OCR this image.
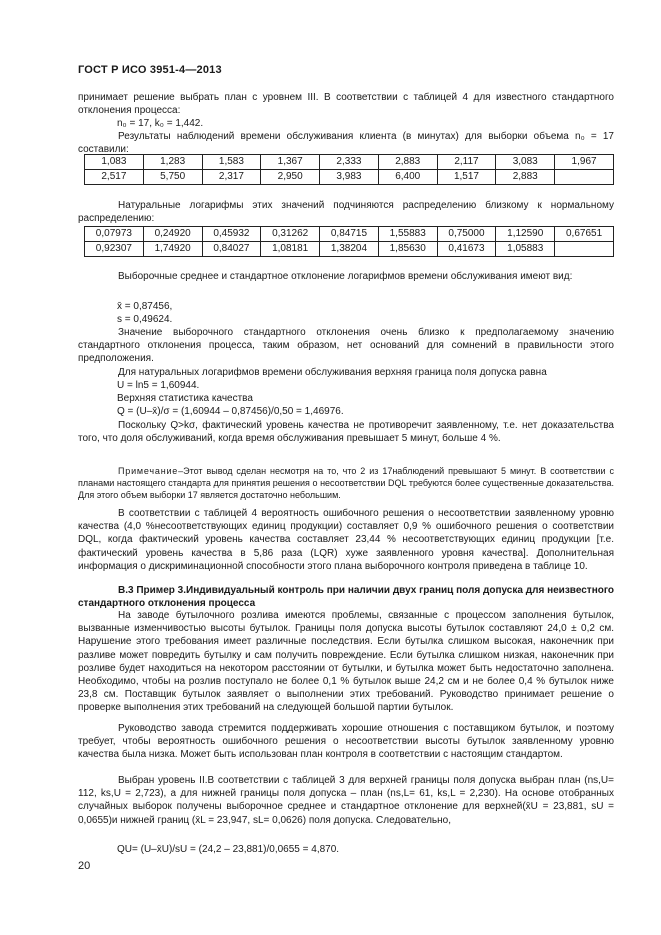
ГОСТ Р ИСО 3951-4—2013

принимает решение выбрать план с уровнем III. В соответствии с таблицей 4 для известного стандартного отклонения процесса:

n₀ = 17, k₀ = 1,442.

Результаты наблюдений времени обслуживания клиента (в минутах) для выборки объема n₀ = 17 составили:

1,083	1,283	1,583	1,367	2,333	2,883	2,117	3,083	1,967
2,517	5,750	2,317	2,950	3,983	6,400	1,517	2,883	

Натуральные логарифмы этих значений подчиняются распределению близкому к нормальному распределению:

0,07973	0,24920	0,45932	0,31262	0,84715	1,55883	0,75000	1,12590	0,67651
0,92307	1,74920	0,84027	1,08181	1,38204	1,85630	0,41673	1,05883	

Выборочные среднее и стандартное отклонение логарифмов времени обслуживания имеют вид:

x̄ = 0,87456,

s = 0,49624.

Значение выборочного стандартного отклонения очень близко к предполагаемому значению стандартного отклонения процесса, таким образом, нет оснований для сомнений в правильности этого предположения.

Для натуральных логарифмов времени обслуживания верхняя граница поля допуска равна

U = ln5 = 1,60944.

Верхняя статистика качества

Q = (U–x̄)/σ = (1,60944 – 0,87456)/0,50 = 1,46976.

Поскольку Q>kσ, фактический уровень качества не противоречит заявленному, т.е. нет доказательства того, что доля обслуживаний, когда время обслуживания превышает 5 минут, больше 4 %.

Примечание–Этот вывод сделан несмотря на то, что 2 из 17наблюдений превышают 5 минут. В соответствии с планами настоящего стандарта для принятия решения о несоответствии DQL требуются более существенные доказательства. Для этого объем выборки 17 является достаточно небольшим.

В соответствии с таблицей 4 вероятность ошибочного решения о несоответствии заявленному уровню качества (4,0 %несоответствующих единиц продукции) составляет 0,9 % ошибочного решения о соответствии DQL, когда фактический уровень качества составляет 23,44 % несоответствующих единиц продукции [т.е. фактический уровень качества в 5,86 раза (LQR) хуже заявленного уровня качества]. Дополнительная информация о дискриминационной способности этого плана выборочного контроля приведена в таблице 10.

В.3 Пример 3.Индивидуальный контроль при наличии двух границ поля допуска для неизвестного стандартного отклонения процесса

На заводе бутылочного розлива имеются проблемы, связанные с процессом заполнения бутылок, вызванные изменчивостью высоты бутылок. Границы поля допуска высоты бутылок составляют 24,0 ± 0,2 см. Нарушение этого требования имеет различные последствия. Если бутылка слишком высокая, наконечник при разливе может повредить бутылку и сам получить повреждение. Если бутылка слишком низкая, наконечник при розливе будет находиться на некотором расстоянии от бутылки, и бутылка может быть недостаточно заполнена. Необходимо, чтобы на розлив поступало не более 0,1 % бутылок выше 24,2 см и не более 0,4 % бутылок ниже 23,8 см. Поставщик бутылок заявляет о выполнении этих требований. Руководство принимает решение о проверке выполнения этих требований на следующей большой партии бутылок.

Руководство завода стремится поддерживать хорошие отношения с поставщиком бутылок, и поэтому требует, чтобы вероятность ошибочного решения о несоответствии высоты бутылок заявленному уровню качества была низка. Может быть использован план контроля в соответствии с настоящим стандартом.

Выбран уровень II.В соответствии с таблицей 3 для верхней границы поля допуска выбран план (ns,U= 112, ks,U = 2,723), а для нижней границы поля допуска – план (ns,L= 61, ks,L = 2,230). На основе отобранных случайных выборок получены выборочное среднее и стандартное отклонение для верхней(x̄U = 23,881, sU = 0,0655)и нижней границ (x̄L = 23,947, sL= 0,0626) поля допуска. Следовательно,

QU= (U–x̄U)/sU = (24,2 – 23,881)/0,0655 = 4,870.

20
